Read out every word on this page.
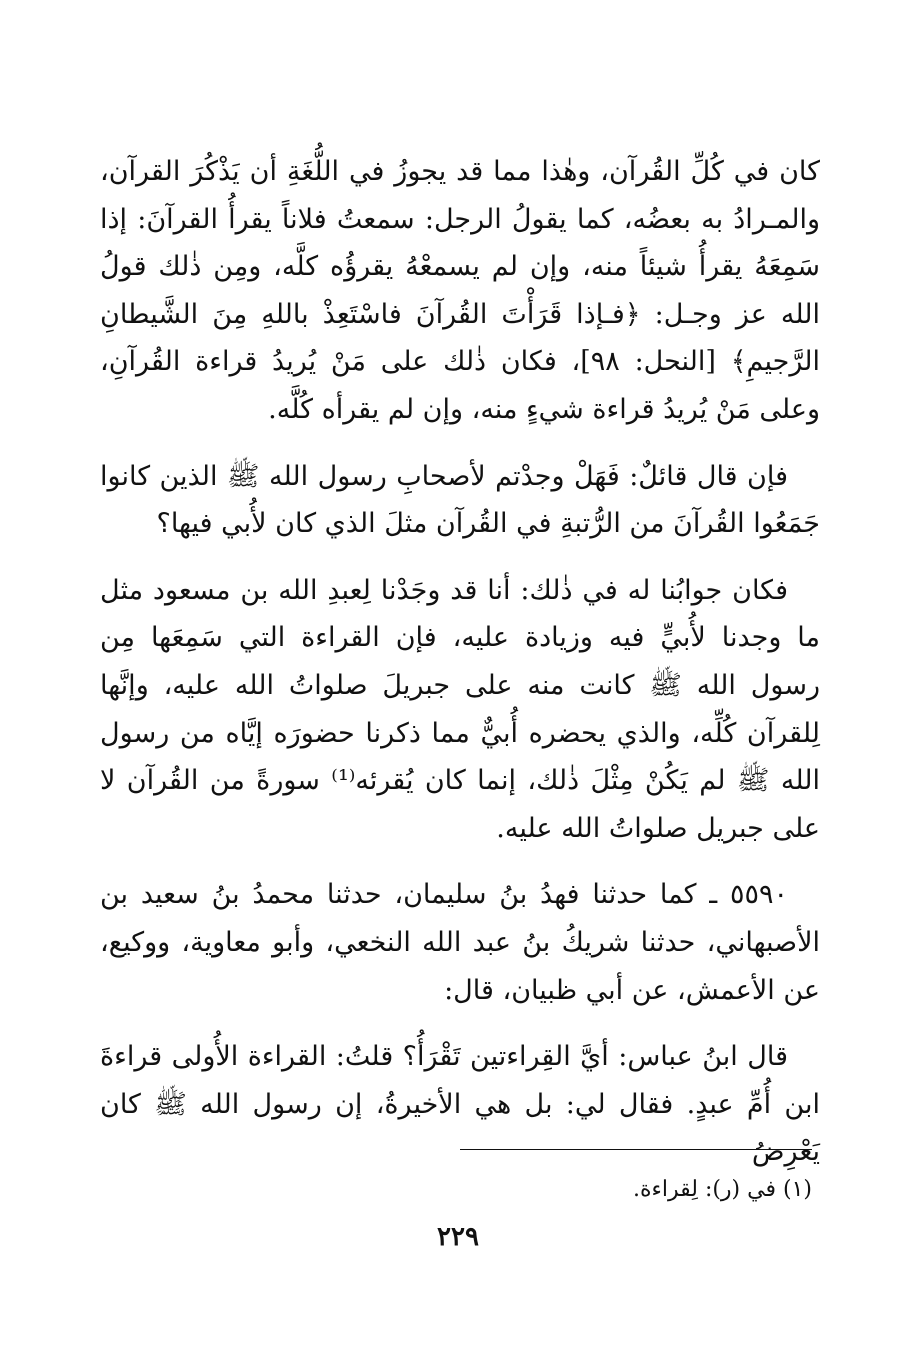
كان في كُلِّ القُرآن، وهٰذا مما قد يجوزُ في اللُّغَةِ أن يَذْكُرَ القرآن، والمـرادُ به بعضُه، كما يقولُ الرجل: سمعتُ فلاناً يقرأُ القرآنَ: إذا سَمِعَهُ يقرأُ شيئاً منه، وإن لم يسمعْهُ يقرؤُه كلَّه، ومِن ذٰلك قولُ الله عز وجـل: ﴿فـإذا قَرَأْتَ القُرآنَ فاسْتَعِذْ باللهِ مِنَ الشَّيطانِ الرَّجيمِ﴾ [النحل: ٩٨]، فكان ذٰلك على مَنْ يُريدُ قراءة القُرآنِ، وعلى مَنْ يُريدُ قراءة شيءٍ منه، وإن لم يقرأه كُلَّه.

فإن قال قائلٌ: فَهَلْ وجدْتم لأصحابِ رسول الله ﷺ الذين كانوا جَمَعُوا القُرآنَ من الرُّتبةِ في القُرآن مثلَ الذي كان لأُبي فيها؟

فكان جوابُنا له في ذٰلك: أنا قد وجَدْنا لِعبدِ الله بن مسعود مثل ما وجدنا لأُبيٍّ فيه وزيادة عليه، فإن القراءة التي سَمِعَها مِن رسول الله ﷺ كانت منه على جبريلَ صلواتُ الله عليه، وإنَّها لِلقرآن كُلِّه، والذي يحضره أُبيٌّ مما ذكرنا حضورَه إيَّاه من رسول الله ﷺ لم يَكُنْ مِثْلَ ذٰلك، إنما كان يُقرئه⁽¹⁾ سورةً من القُرآن لا على جبريل صلواتُ الله عليه.

٥٥٩٠ ـ كما حدثنا فهدُ بنُ سليمان، حدثنا محمدُ بنُ سعيد بن الأصبهاني، حدثنا شريكُ بنُ عبد الله النخعي، وأبو معاوية، ووكيع، عن الأعمش، عن أبي ظبيان، قال:

قال ابنُ عباس: أيَّ القِراءتين تَقْرَأُ؟ قلتُ: القراءة الأُولى قراءةَ ابن أُمِّ عبدٍ. فقال لي: بل هي الأخيرةُ، إن رسول الله ﷺ كان يَعْرِضُ

(١) في (ر): لِقراءة.

٢٢٩
